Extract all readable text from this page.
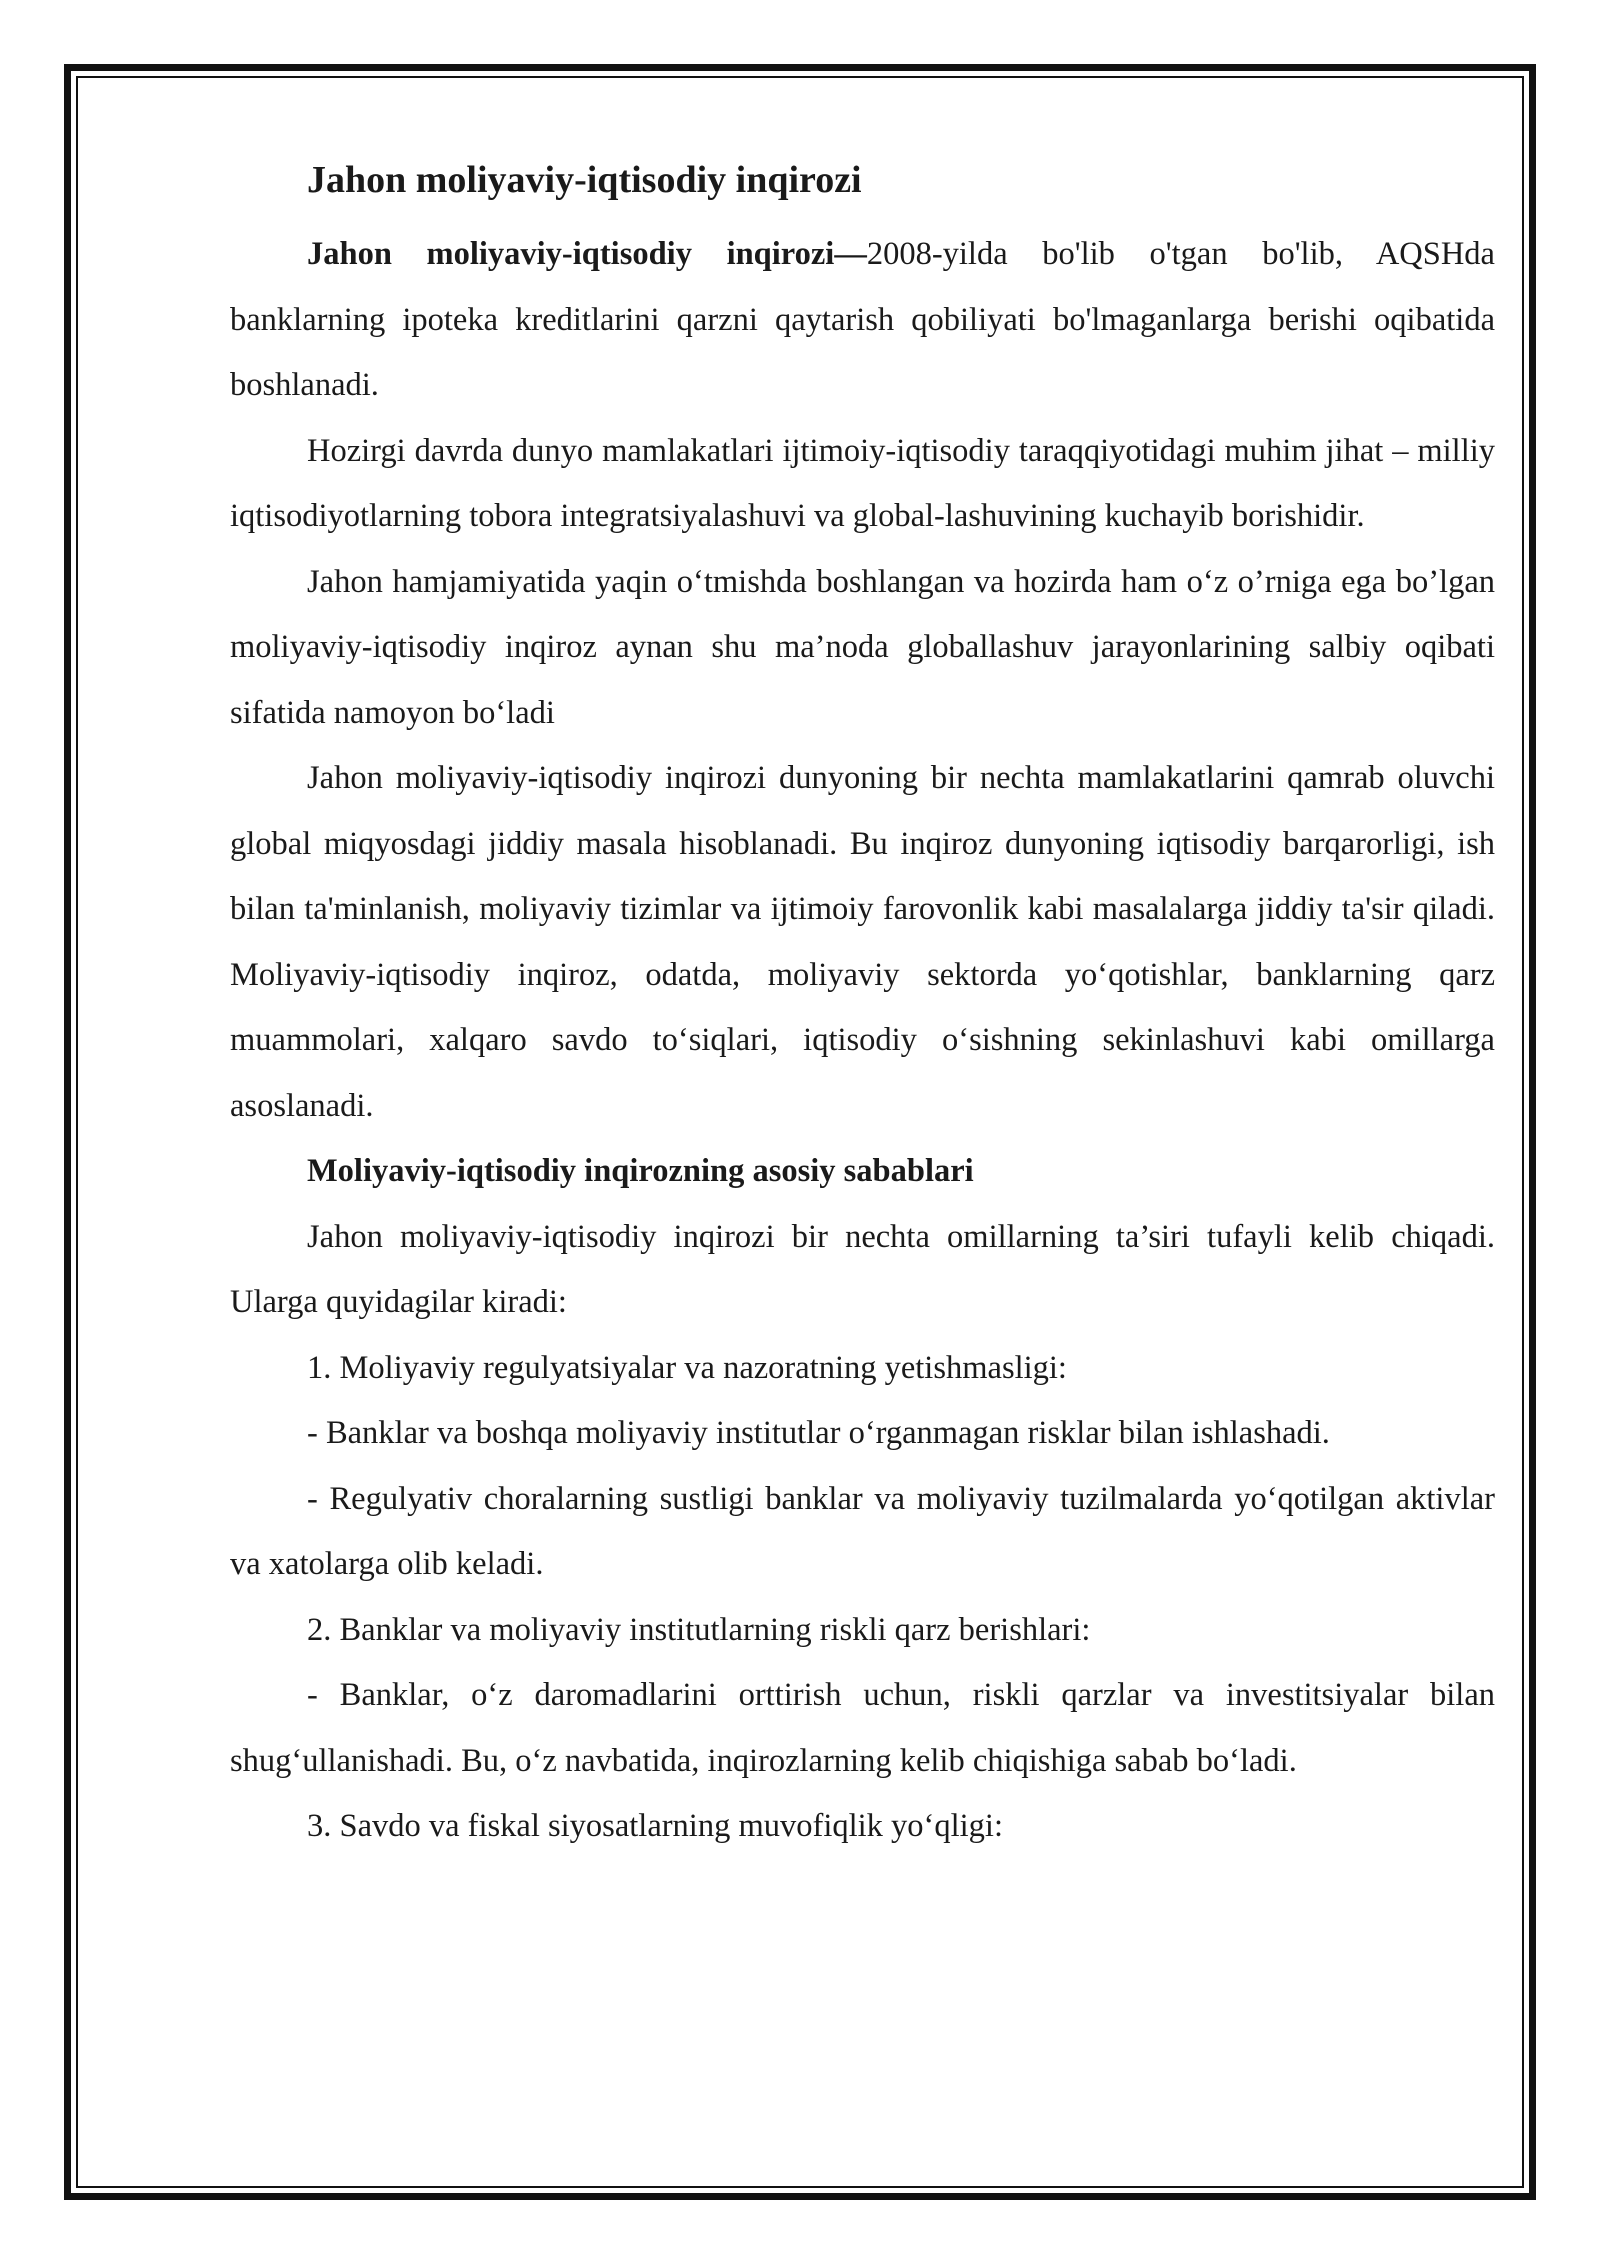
Jahon moliyaviy-iqtisodiy inqirozi

Jahon moliyaviy-iqtisodiy inqirozi—2008-yilda bo'lib o'tgan bo'lib, AQSHda banklarning ipoteka kreditlarini qarzni qaytarish qobiliyati bo'lmaganlarga berishi oqibatida boshlanadi.

Hozirgi davrda dunyo mamlakatlari ijtimoiy-iqtisodiy taraqqiyotidagi muhim jihat – milliy iqtisodiyotlarning tobora integratsiyalashuvi va global-lashuvining kuchayib borishidir.

Jahon hamjamiyatida yaqin o‘tmishda boshlangan va hozirda ham o‘z o’rniga ega bo’lgan moliyaviy-iqtisodiy inqiroz aynan shu ma’noda globallashuv jarayonlarining salbiy oqibati sifatida namoyon bo‘ladi

Jahon moliyaviy-iqtisodiy inqirozi dunyoning bir nechta mamlakatlarini qamrab oluvchi global miqyosdagi jiddiy masala hisoblanadi. Bu inqiroz dunyoning iqtisodiy barqarorligi, ish bilan ta'minlanish, moliyaviy tizimlar va ijtimoiy farovonlik kabi masalalarga jiddiy ta'sir qiladi. Moliyaviy-iqtisodiy inqiroz, odatda, moliyaviy sektorda yo‘qotishlar, banklarning qarz muammolari, xalqaro savdo to‘siqlari, iqtisodiy o‘sishning sekinlashuvi kabi omillarga asoslanadi.

Moliyaviy-iqtisodiy inqirozning asosiy sabablari

Jahon moliyaviy-iqtisodiy inqirozi bir nechta omillarning ta’siri tufayli kelib chiqadi. Ularga quyidagilar kiradi:

1. Moliyaviy regulyatsiyalar va nazoratning yetishmasligi:

- Banklar va boshqa moliyaviy institutlar o‘rganmagan risklar bilan ishlashadi.

- Regulyativ choralarning sustligi banklar va moliyaviy tuzilmalarda yo‘qotilgan aktivlar va xatolarga olib keladi.

2. Banklar va moliyaviy institutlarning riskli qarz berishlari:

- Banklar, o‘z daromadlarini orttirish uchun, riskli qarzlar va investitsiyalar bilan shug‘ullanishadi. Bu, o‘z navbatida, inqirozlarning kelib chiqishiga sabab bo‘ladi.

3. Savdo va fiskal siyosatlarning muvofiqlik yo‘qligi:
